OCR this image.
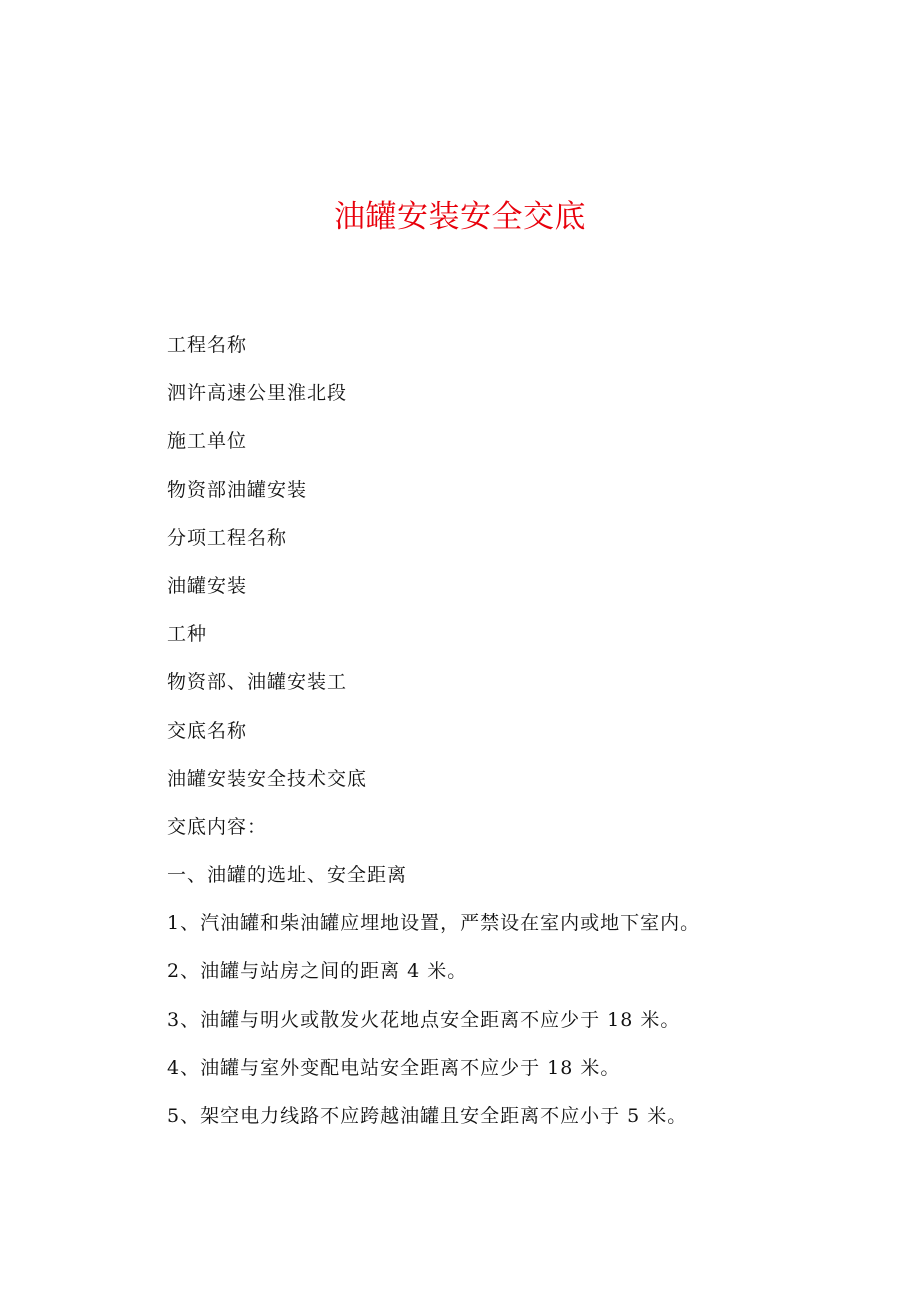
油罐安装安全交底
工程名称
泗许高速公里淮北段
施工单位
物资部油罐安装
分项工程名称
油罐安装
工种
物资部、油罐安装工
交底名称
油罐安装安全技术交底
交底内容：
一、油罐的选址、安全距离
1、汽油罐和柴油罐应埋地设置，严禁设在室内或地下室内。
2、油罐与站房之间的距离 4 米。
3、油罐与明火或散发火花地点安全距离不应少于 18 米。
4、油罐与室外变配电站安全距离不应少于 18 米。
5、架空电力线路不应跨越油罐且安全距离不应小于 5 米。
